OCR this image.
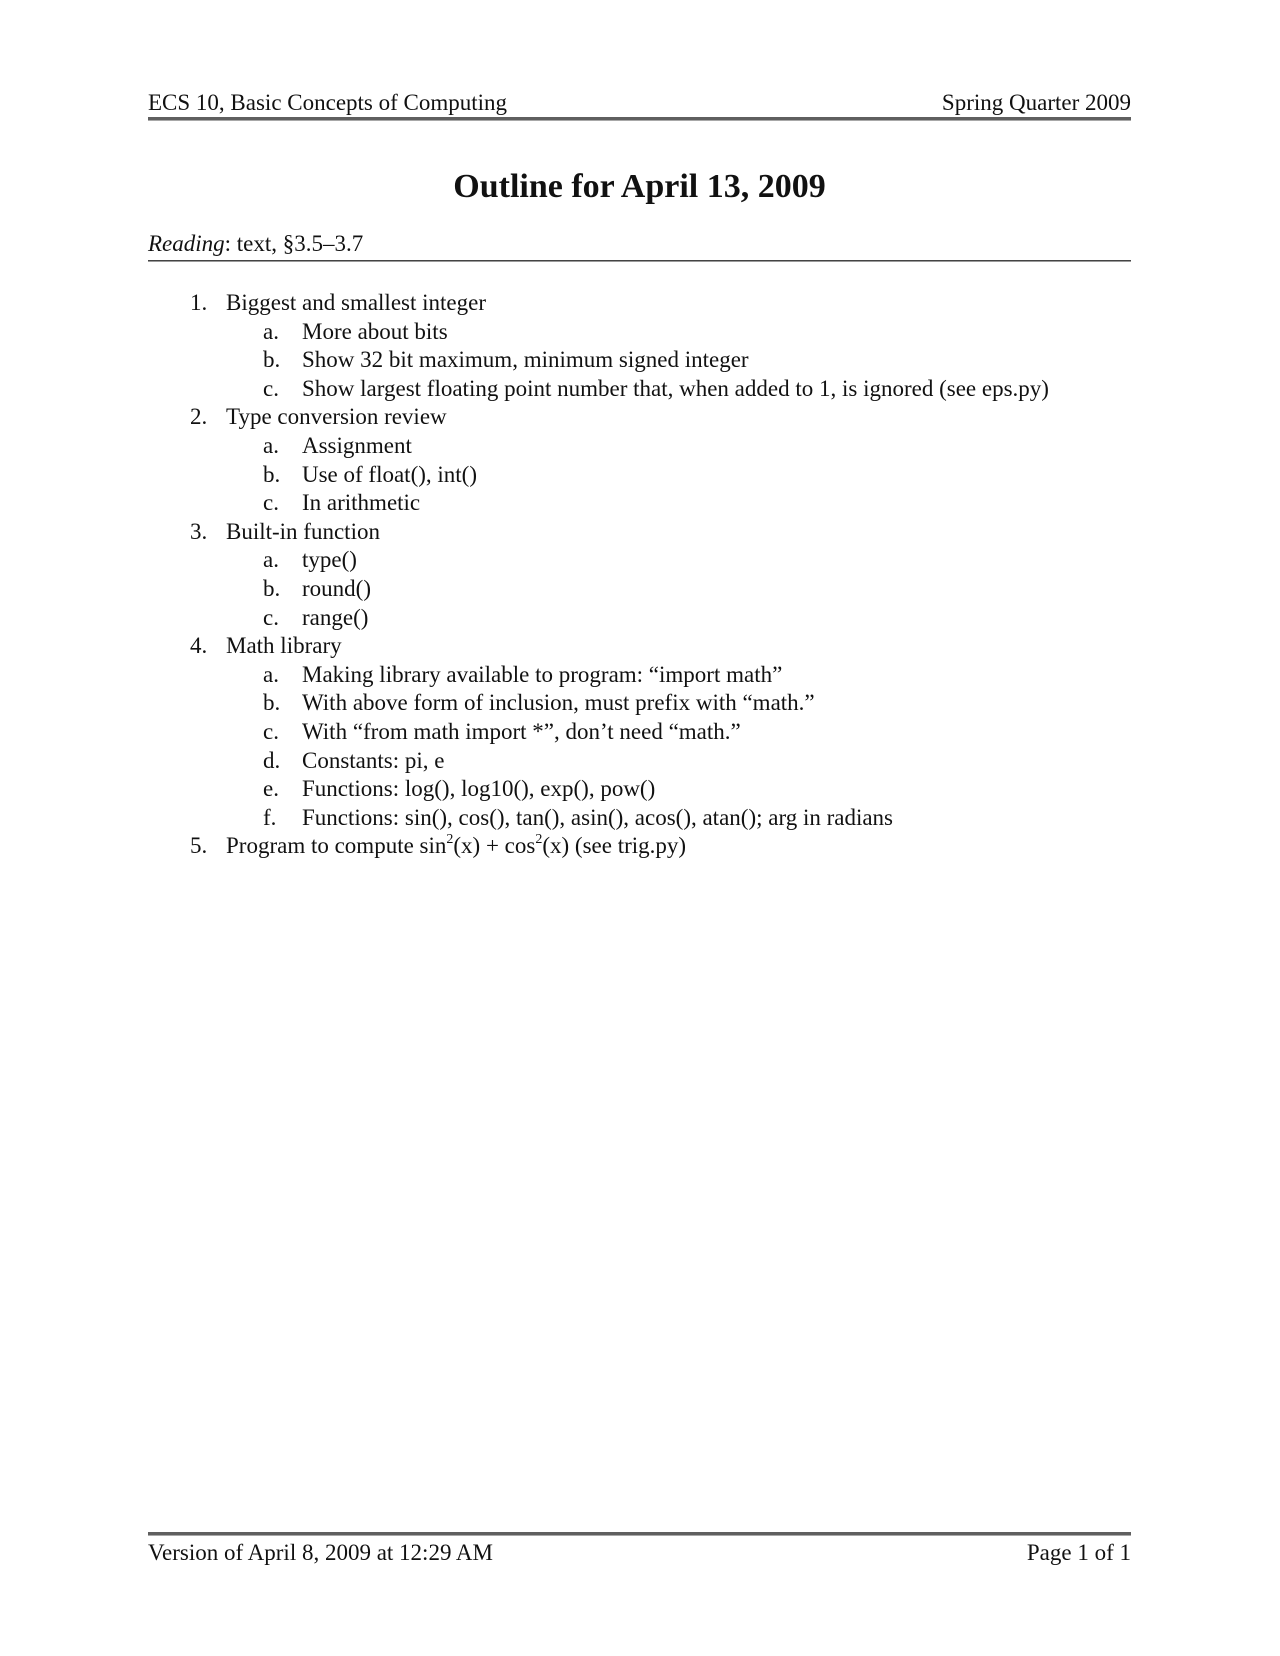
ECS 10, Basic Concepts of Computing	Spring Quarter 2009
Outline for April 13, 2009
Reading: text, §3.5–3.7
1. Biggest and smallest integer
a. More about bits
b. Show 32 bit maximum, minimum signed integer
c. Show largest floating point number that, when added to 1, is ignored (see eps.py)
2. Type conversion review
a. Assignment
b. Use of float(), int()
c. In arithmetic
3. Built-in function
a. type()
b. round()
c. range()
4. Math library
a. Making library available to program: “import math”
b. With above form of inclusion, must prefix with “math.”
c. With “from math import *”, don’t need “math.”
d. Constants: pi, e
e. Functions: log(), log10(), exp(), pow()
f. Functions: sin(), cos(), tan(), asin(), acos(), atan(); arg in radians
5. Program to compute $\sin^2(x) + \cos^2(x)$ (see trig.py)
Version of April 8, 2009 at 12:29 AM	Page 1 of 1
